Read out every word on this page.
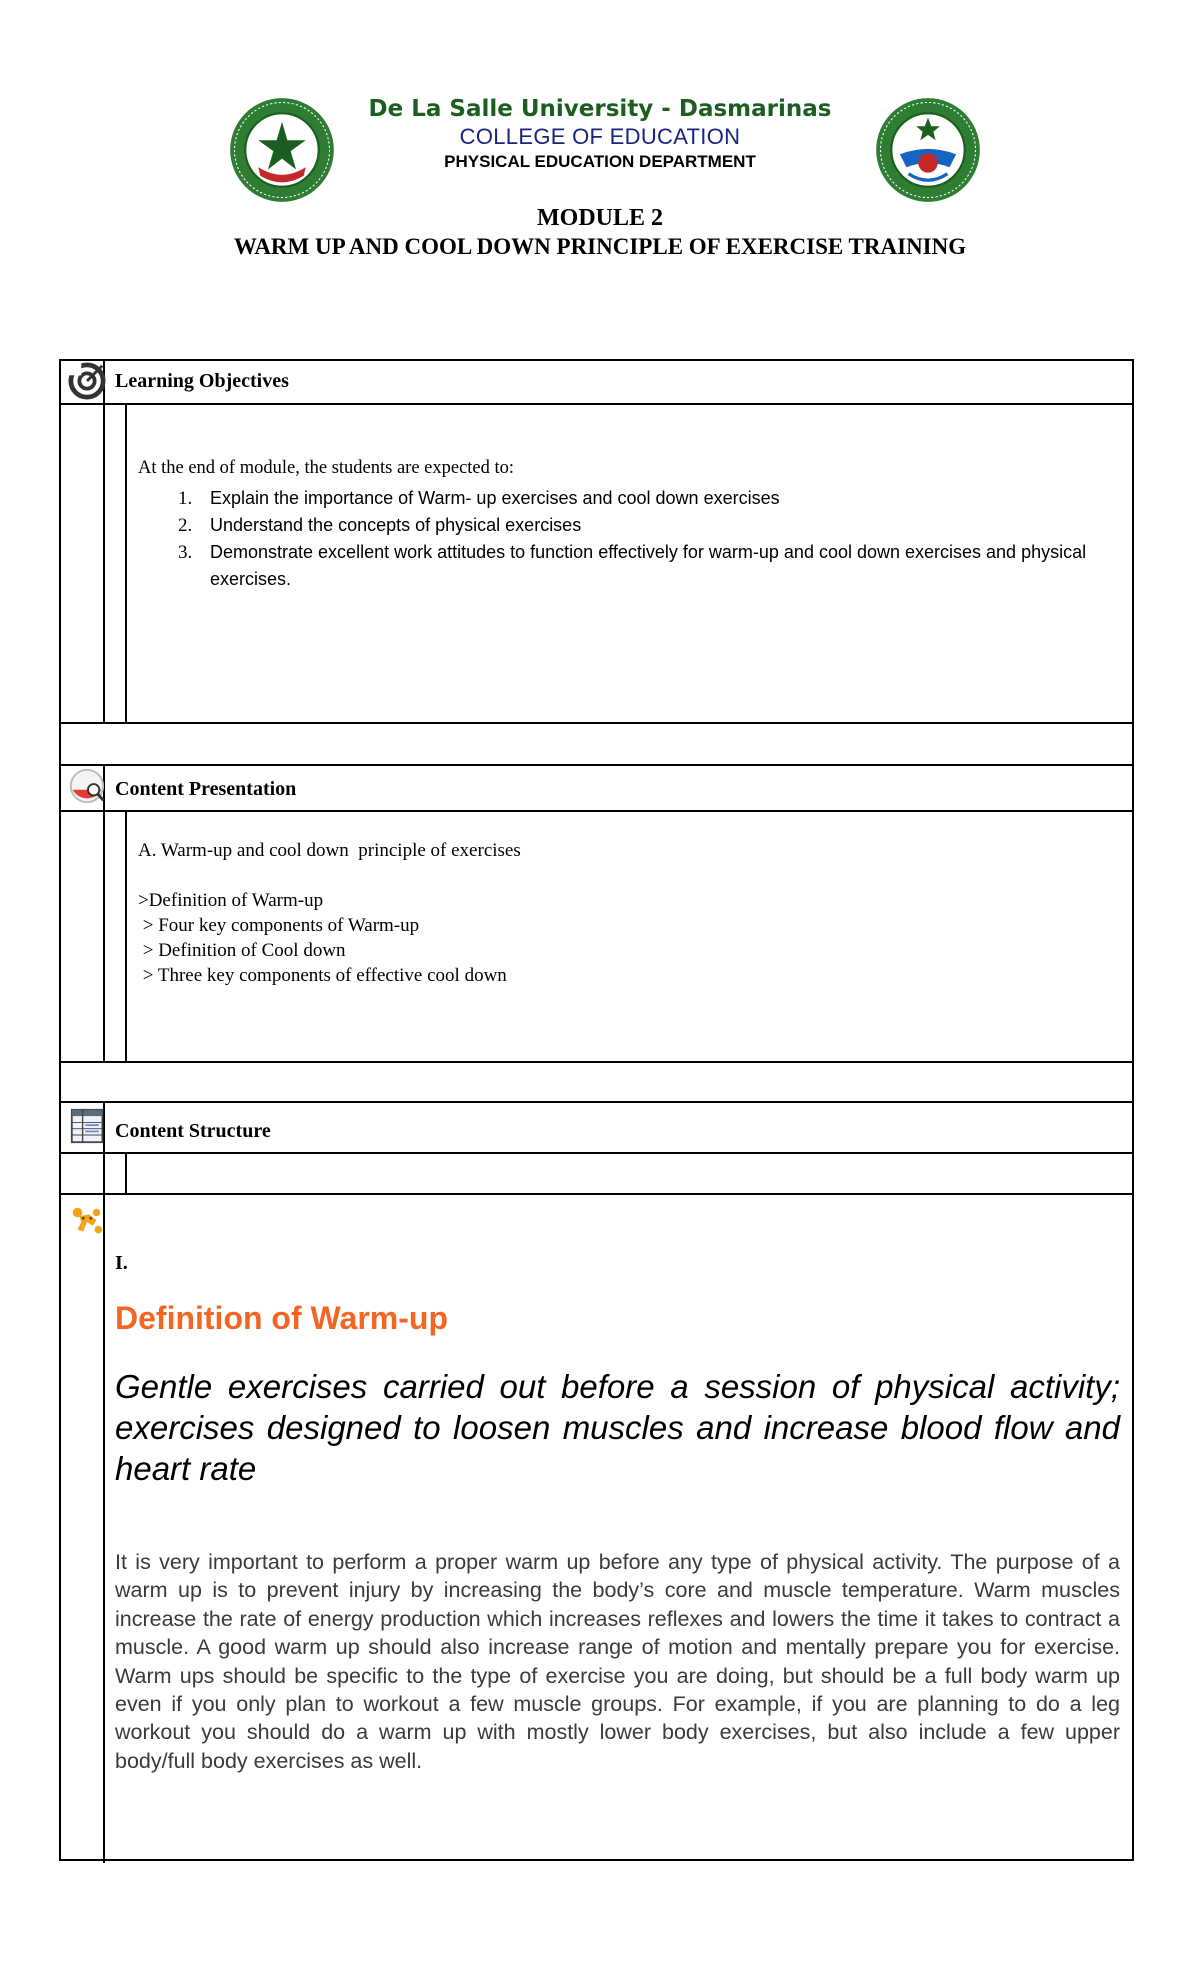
De La Salle University - Dasmarinas
COLLEGE OF EDUCATION
PHYSICAL EDUCATION DEPARTMENT
MODULE 2
WARM UP AND COOL DOWN PRINCIPLE OF EXERCISE TRAINING
Learning Objectives
At the end of module, the students are expected to:
1. Explain the importance of Warm- up exercises and cool down exercises
2. Understand the concepts of physical exercises
3. Demonstrate excellent work attitudes to function effectively for warm-up and cool down exercises and physical exercises.
Content Presentation
A. Warm-up and cool down  principle of exercises

>Definition of Warm-up
> Four key components of Warm-up
> Definition of Cool down
> Three key components of effective cool down
Content Structure
I.
Definition of Warm-up
Gentle exercises carried out before a session of physical activity; exercises designed to loosen muscles and increase blood flow and heart rate
It is very important to perform a proper warm up before any type of physical activity. The purpose of a warm up is to prevent injury by increasing the body’s core and muscle temperature. Warm muscles increase the rate of energy production which increases reflexes and lowers the time it takes to contract a muscle. A good warm up should also increase range of motion and mentally prepare you for exercise. Warm ups should be specific to the type of exercise you are doing, but should be a full body warm up even if you only plan to workout a few muscle groups. For example, if you are planning to do a leg workout you should do a warm up with mostly lower body exercises, but also include a few upper body/full body exercises as well.
